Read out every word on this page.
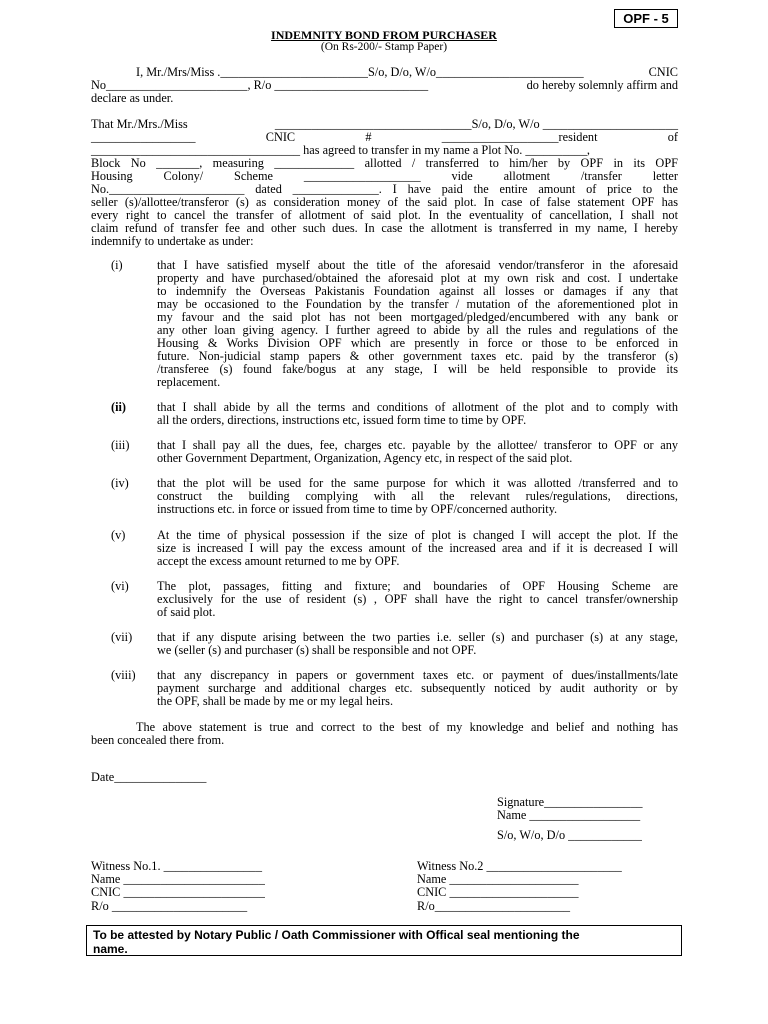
OPF - 5
INDEMNITY BOND FROM PURCHASER
(On Rs-200/- Stamp Paper)
I, Mr./Mrs/Miss .________________________S/o, D/o, W/o________________________	CNIC
No_______________________, R/o _________________________	do hereby solemnly affirm and
declare as under.
That Mr./Mrs./Miss	________________________________S/o, D/o, W/o ______________________
_________________	CNIC	#	___________________resident	of
__________________________________ has agreed to transfer in my name a Plot No. __________,
Block No _______, measuring _____________ allotted / transferred to him/her by OPF in its OPF
Housing	Colony/	Scheme	___________________	vide	allotment	/transfer	letter
No.______________________ dated ______________. I have paid the entire amount of price to the
seller (s)/allottee/transferor (s) as consideration money of the said plot. In case of false statement OPF has
every right to cancel the transfer of allotment of said plot. In the eventuality of cancellation, I shall not
claim refund of transfer fee and other such dues. In case the allotment is transferred in my name, I hereby
indemnify to undertake as under:
(i)	that I have satisfied myself about the title of the aforesaid vendor/transferor in the aforesaid
property and have purchased/obtained the aforesaid plot at my own risk and cost. I undertake
to indemnify the Overseas Pakistanis Foundation against all losses or damages if any that
may be occasioned to the Foundation by the transfer / mutation of the aforementioned plot in
my favour and the said plot has not been mortgaged/pledged/encumbered with any bank or
any other loan giving agency. I further agreed to abide by all the rules and regulations of the
Housing & Works Division OPF which are presently in force or those to be enforced in
future. Non-judicial stamp papers & other government taxes etc. paid by the transferor (s)
/transferee (s) found fake/bogus at any stage, I will be held responsible to provide its
replacement.
(ii)	that I shall abide by all the terms and conditions of allotment of the plot and to comply with
all the orders, directions, instructions etc, issued form time to time by OPF.
(iii)	that I shall pay all the dues, fee, charges etc. payable by the allottee/ transferor to OPF or any
other Government Department, Organization, Agency etc, in respect of the said plot.
(iv)	that the plot will be used for the same purpose for which it was allotted /transferred and to
construct the building complying with all the relevant rules/regulations, directions,
instructions etc. in force or issued from time to time by OPF/concerned authority.
(v)	At the time of physical possession if the size of plot is changed I will accept the plot. If the
size is increased I will pay the excess amount of the increased area and if it is decreased I will
accept the excess amount returned to me by OPF.
(vi)	The plot, passages, fitting and fixture; and boundaries of OPF Housing Scheme are
exclusively for the use of resident (s) , OPF shall have the right to cancel transfer/ownership
of said plot.
(vii)	that if any dispute arising between the two parties i.e. seller (s) and purchaser (s) at any stage,
we (seller (s) and purchaser (s) shall be responsible and not OPF.
(viii)	that any discrepancy in papers or government taxes etc. or payment of dues/installments/late
payment surcharge and additional charges etc. subsequently noticed by audit authority or by
the OPF, shall be made by me or my legal heirs.
The above statement is true and correct to the best of my knowledge and belief and nothing has
been concealed there from.
Date_______________
Signature________________
Name __________________
S/o, W/o, D/o ____________
Witness No.1. ________________
Name _______________________
CNIC _______________________
R/o ______________________
Witness No.2 ______________________
Name _____________________
CNIC _____________________
R/o______________________
To be attested by Notary Public / Oath Commissioner with Offical seal mentioning the
name.
